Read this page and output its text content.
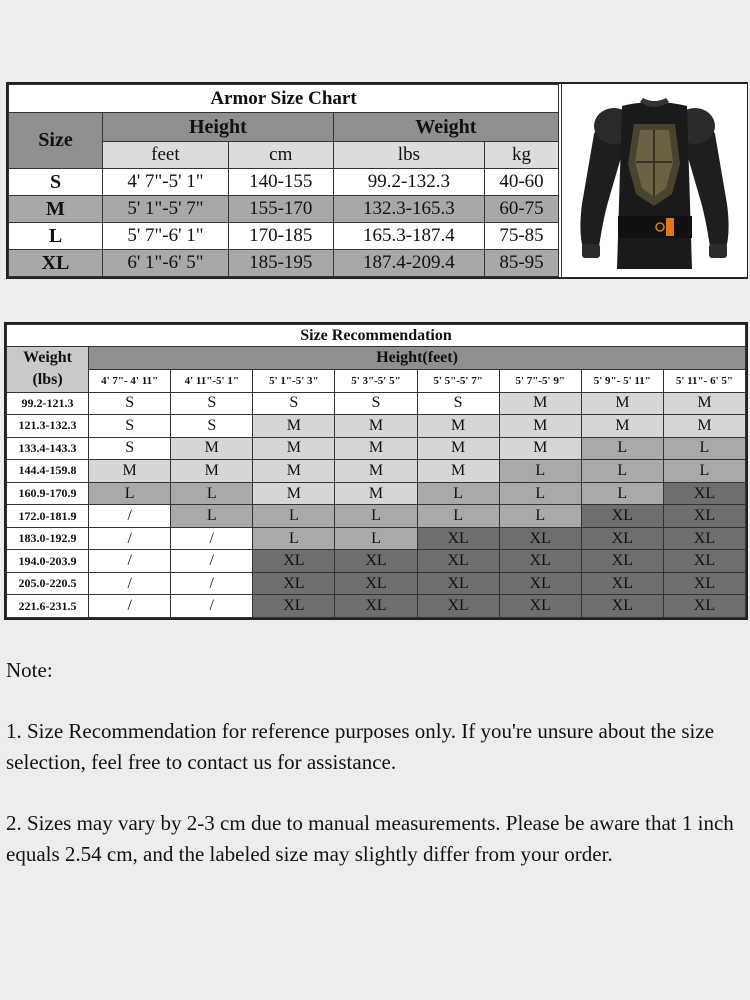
Armor Size Chart				
Size	Height		Weight	
	feet	cm	lbs	kg
S	4' 7"-5' 1"	140-155	99.2-132.3	40-60
M	5' 1"-5' 7"	155-170	132.3-165.3	60-75
L	5' 7"-6' 1"	170-185	165.3-187.4	75-85
XL	6' 1"-6' 5"	185-195	187.4-209.4	85-95
Size Recommendation								
Weight
(lbs)	Height(feet)							
	4' 7"- 4' 11"	4' 11"-5' 1"	5' 1"-5' 3"	5' 3"-5' 5"	5' 5"-5' 7"	5' 7"-5' 9"	5' 9"- 5' 11"	5' 11"- 6' 5"
99.2-121.3	S	S	S	S	S	M	M	M
121.3-132.3	S	S	M	M	M	M	M	M
133.4-143.3	S	M	M	M	M	M	L	L
144.4-159.8	M	M	M	M	M	L	L	L
160.9-170.9	L	L	M	M	L	L	L	XL
172.0-181.9	/	L	L	L	L	L	XL	XL
183.0-192.9	/	/	L	L	XL	XL	XL	XL
194.0-203.9	/	/	XL	XL	XL	XL	XL	XL
205.0-220.5	/	/	XL	XL	XL	XL	XL	XL
221.6-231.5	/	/	XL	XL	XL	XL	XL	XL

Note:

1. Size Recommendation for reference purposes only. If you're unsure about the size selection, feel free to contact us for assistance.

2. Sizes may vary by 2-3 cm due to manual measurements. Please be aware that 1 inch equals 2.54 cm, and the labeled size may slightly differ from your order.
